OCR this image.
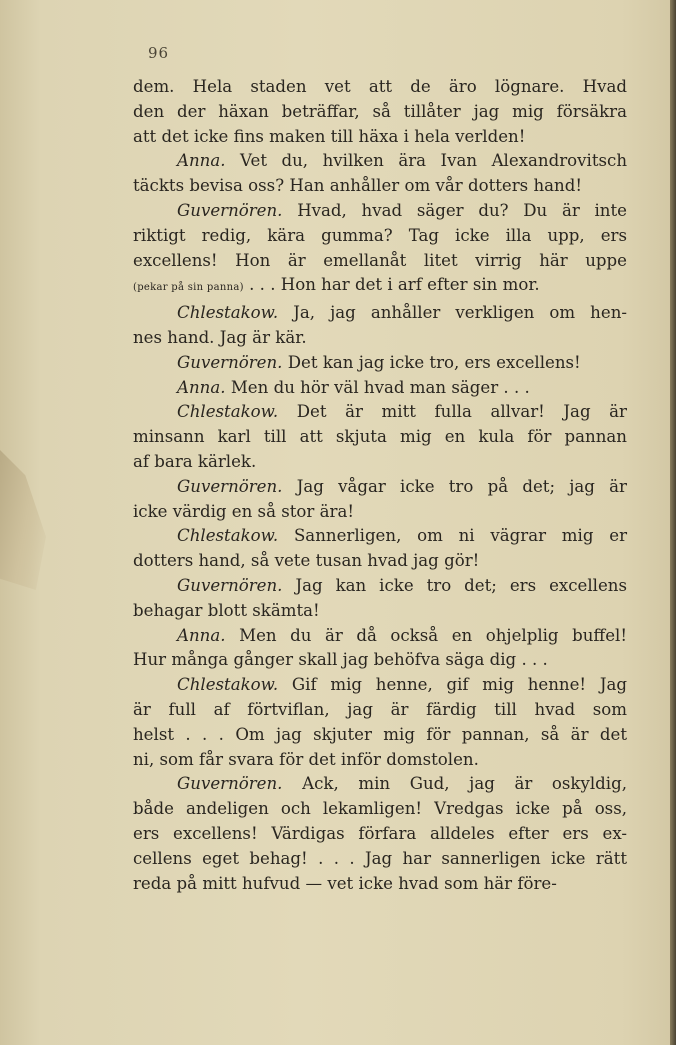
96
dem. Hela staden vet att de äro lögnare. Hvad
den der häxan beträffar, så tillåter jag mig försäkra
att det icke fins maken till häxa i hela verlden!
Anna. Vet du, hvilken ära Ivan Alexandrovitsch
täckts bevisa oss? Han anhåller om vår dotters hand!
Guvernören. Hvad, hvad säger du? Du är inte
riktigt redig, kära gumma? Tag icke illa upp, ers
excellens! Hon är emellanåt litet virrig här uppe
(pekar på sin panna) . . . Hon har det i arf efter sin mor.
Chlestakow. Ja, jag anhåller verkligen om hen-
nes hand. Jag är kär.
Guvernören. Det kan jag icke tro, ers excellens!
Anna. Men du hör väl hvad man säger . . .
Chlestakow. Det är mitt fulla allvar! Jag är
minsann karl till att skjuta mig en kula för pannan
af bara kärlek.
Guvernören. Jag vågar icke tro på det; jag är
icke värdig en så stor ära!
Chlestakow. Sannerligen, om ni vägrar mig er
dotters hand, så vete tusan hvad jag gör!
Guvernören. Jag kan icke tro det; ers excellens
behagar blott skämta!
Anna. Men du är då också en ohjelplig buffel!
Hur många gånger skall jag behöfva säga dig . . .
Chlestakow. Gif mig henne, gif mig henne! Jag
är full af förtviflan, jag är färdig till hvad som
helst . . . Om jag skjuter mig för pannan, så är det
ni, som får svara för det inför domstolen.
Guvernören. Ack, min Gud, jag är oskyldig,
både andeligen och lekamligen! Vredgas icke på oss,
ers excellens! Värdigas förfara alldeles efter ers ex-
cellens eget behag! . . . Jag har sannerligen icke rätt
reda på mitt hufvud — vet icke hvad som här före-
